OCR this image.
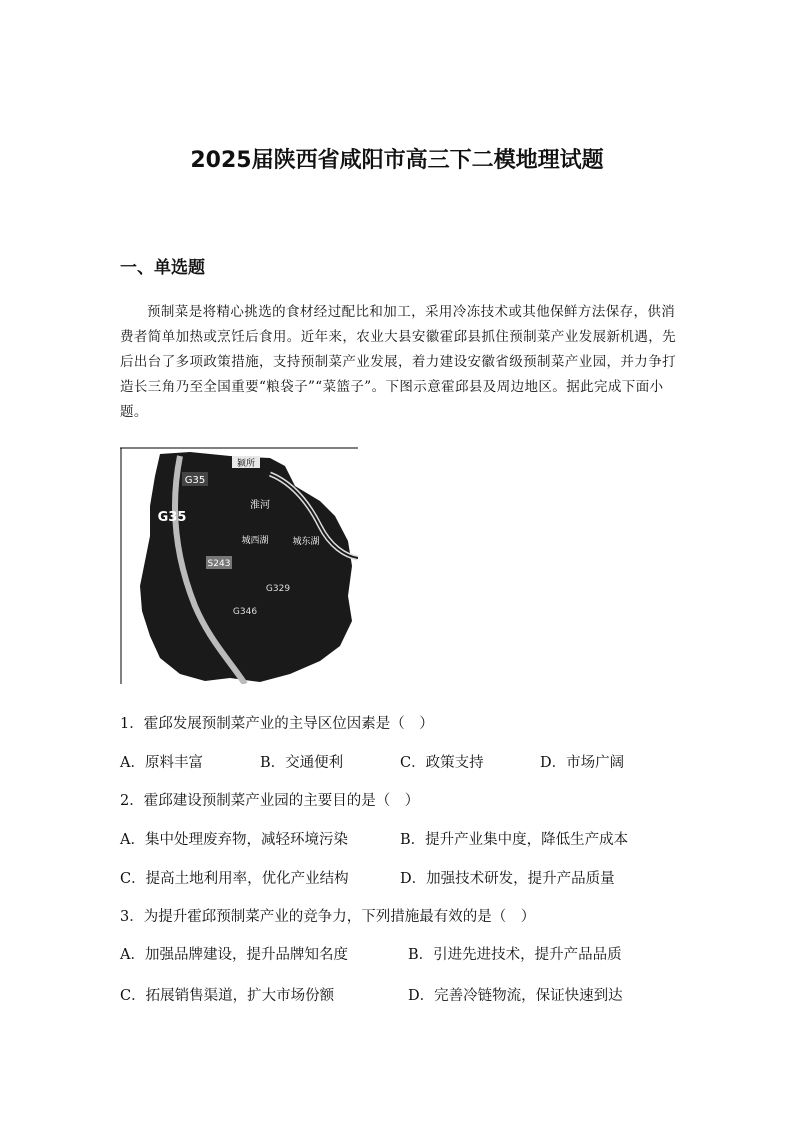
2025届陕西省咸阳市高三下二模地理试题
一、单选题
预制菜是将精心挑选的食材经过配比和加工，采用冷冻技术或其他保鲜方法保存，供消费者简单加热或烹饪后食用。近年来，农业大县安徽霍邱县抓住预制菜产业发展新机遇，先后出台了多项政策措施，支持预制菜产业发展，着力建设安徽省级预制菜产业园，并力争打造长三角乃至全国重要“粮袋子”“菜篮子”。下图示意霍邱县及周边地区。据此完成下面小题。
颍所
G35
淮河
G35
城西湖	城东湖
S243
G329
G346
1．霍邱发展预制菜产业的主导区位因素是（　）
A．原料丰富	B．交通便利	C．政策支持	D．市场广阔
2．霍邱建设预制菜产业园的主要目的是（　）
A．集中处理废弃物，减轻环境污染	B．提升产业集中度，降低生产成本
C．提高土地利用率，优化产业结构	D．加强技术研发，提升产品质量
3．为提升霍邱预制菜产业的竞争力，下列措施最有效的是（　）
A．加强品牌建设，提升品牌知名度	B．引进先进技术，提升产品品质
C．拓展销售渠道，扩大市场份额	D．完善冷链物流，保证快速到达
